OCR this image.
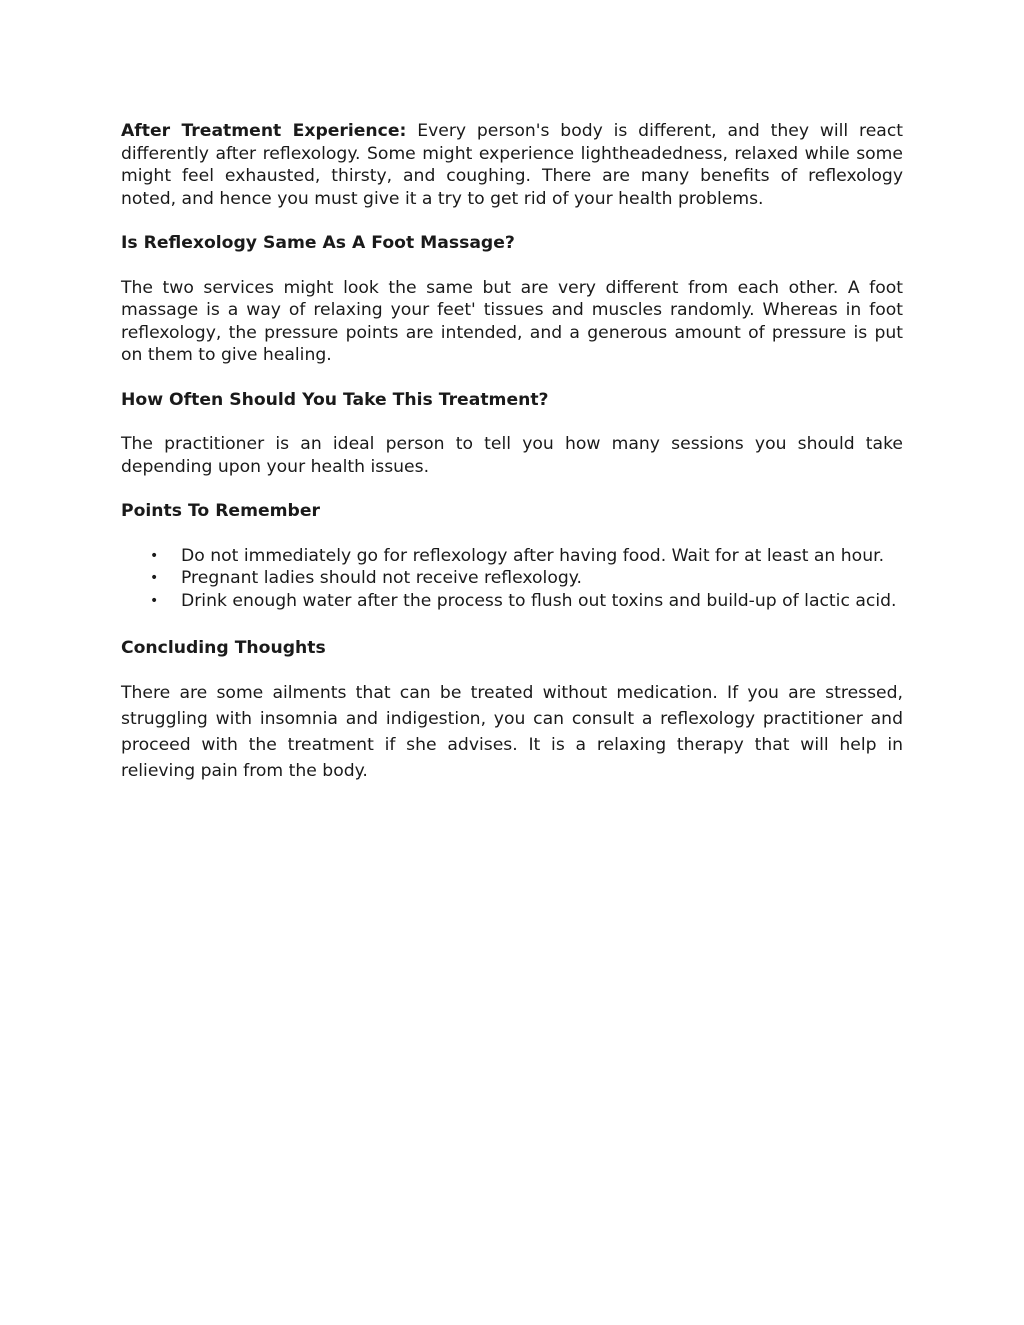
After Treatment Experience: Every person's body is different, and they will react differently after reflexology. Some might experience lightheadedness, relaxed while some might feel exhausted, thirsty, and coughing. There are many benefits of reflexology noted, and hence you must give it a try to get rid of your health problems.

Is Reflexology Same As A Foot Massage?

The two services might look the same but are very different from each other. A foot massage is a way of relaxing your feet' tissues and muscles randomly. Whereas in foot reflexology, the pressure points are intended, and a generous amount of pressure is put on them to give healing.

How Often Should You Take This Treatment?

The practitioner is an ideal person to tell you how many sessions you should take depending upon your health issues.

Points To Remember

• Do not immediately go for reflexology after having food. Wait for at least an hour.
• Pregnant ladies should not receive reflexology.
• Drink enough water after the process to flush out toxins and build-up of lactic acid.

Concluding Thoughts

There are some ailments that can be treated without medication. If you are stressed, struggling with insomnia and indigestion, you can consult a reflexology practitioner and proceed with the treatment if she advises. It is a relaxing therapy that will help in relieving pain from the body.
